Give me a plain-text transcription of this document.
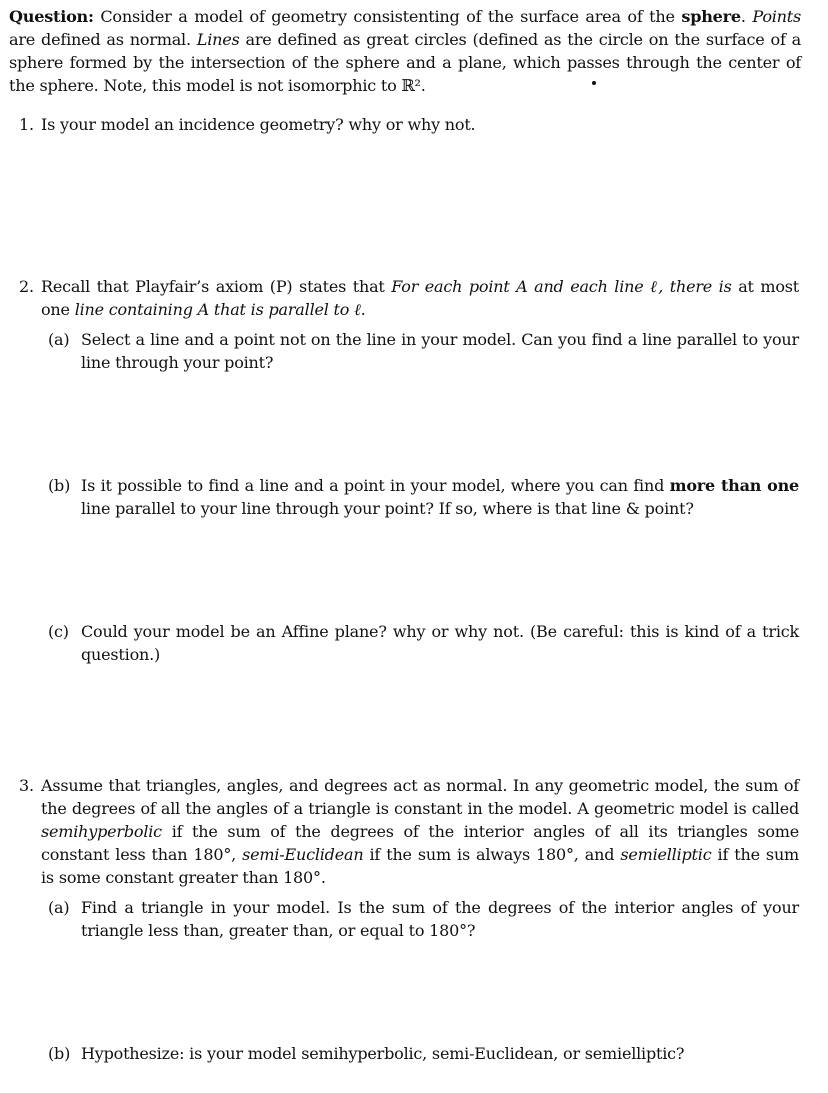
Question: Consider a model of geometry consistenting of the surface area of the sphere. Points are defined as normal. Lines are defined as great circles (defined as the circle on the surface of a sphere formed by the intersection of the sphere and a plane, which passes through the center of the sphere. Note, this model is not isomorphic to ℝ².
1. Is your model an incidence geometry? why or why not.
2. Recall that Playfair’s axiom (P) states that For each point A and each line ℓ, there is at most one line containing A that is parallel to ℓ.
(a) Select a line and a point not on the line in your model. Can you find a line parallel to your line through your point?
(b) Is it possible to find a line and a point in your model, where you can find more than one line parallel to your line through your point? If so, where is that line & point?
(c) Could your model be an Affine plane? why or why not. (Be careful: this is kind of a trick question.)
3. Assume that triangles, angles, and degrees act as normal. In any geometric model, the sum of the degrees of all the angles of a triangle is constant in the model. A geometric model is called semihyperbolic if the sum of the degrees of the interior angles of all its triangles some constant less than 180°, semi-Euclidean if the sum is always 180°, and semielliptic if the sum is some constant greater than 180°.
(a) Find a triangle in your model. Is the sum of the degrees of the interior angles of your triangle less than, greater than, or equal to 180°?
(b) Hypothesize: is your model semihyperbolic, semi-Euclidean, or semielliptic?
